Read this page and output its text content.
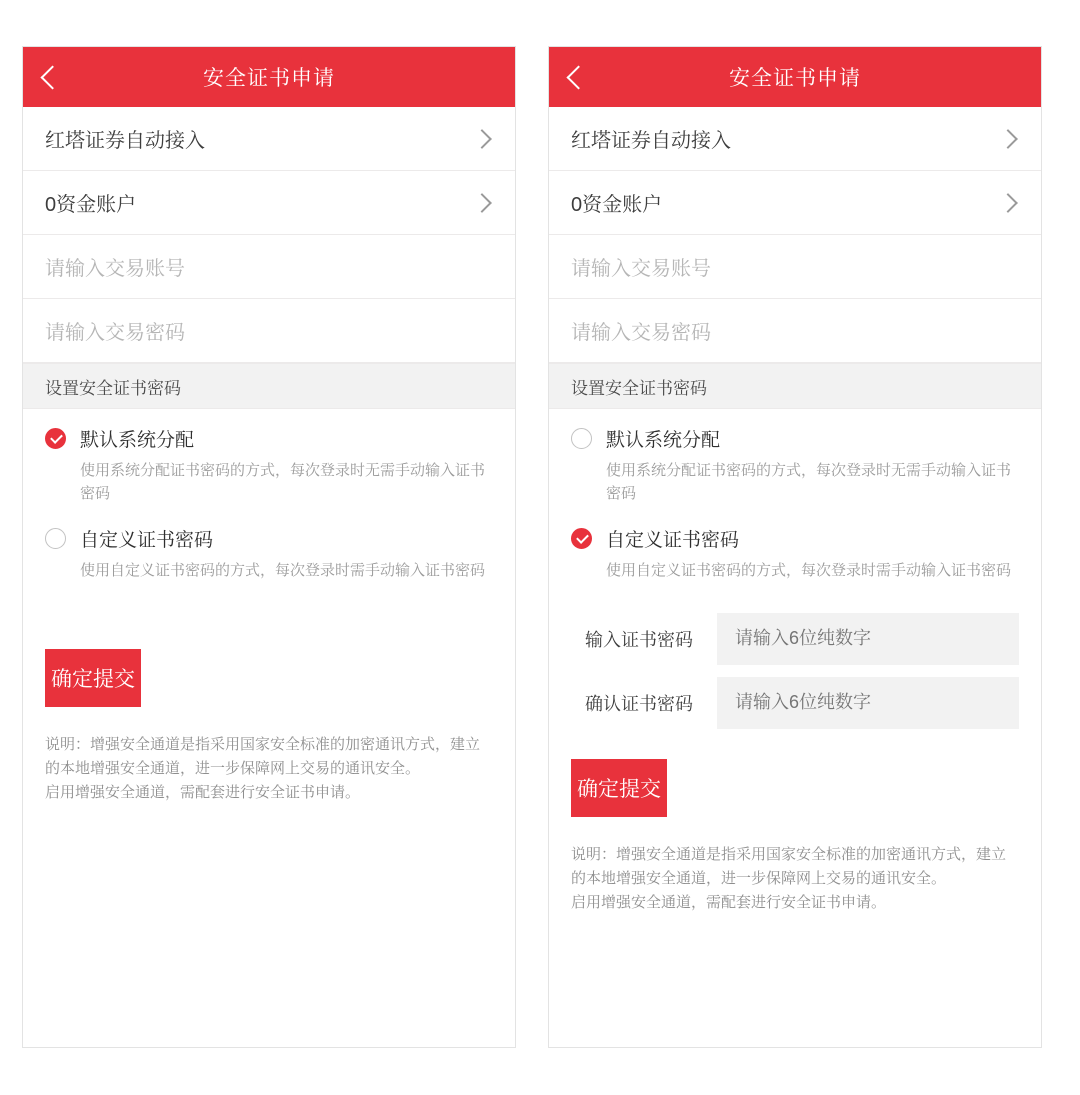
安全证书申请
红塔证券自动接入
0资金账户
请输入交易账号
请输入交易密码
设置安全证书密码
默认系统分配
使用系统分配证书密码的方式，每次登录时无需手动输入证书密码
自定义证书密码
使用自定义证书密码的方式，每次登录时需手动输入证书密码
确定提交
说明：增强安全通道是指采用国家安全标准的加密通讯方式，建立的本地增强安全通道，进一步保障网上交易的通讯安全。
启用增强安全通道，需配套进行安全证书申请。
安全证书申请
红塔证券自动接入
0资金账户
请输入交易账号
请输入交易密码
设置安全证书密码
默认系统分配
使用系统分配证书密码的方式，每次登录时无需手动输入证书密码
自定义证书密码
使用自定义证书密码的方式，每次登录时需手动输入证书密码
输入证书密码
请输入6位纯数字
确认证书密码
请输入6位纯数字
确定提交
说明：增强安全通道是指采用国家安全标准的加密通讯方式，建立的本地增强安全通道，进一步保障网上交易的通讯安全。
启用增强安全通道，需配套进行安全证书申请。
